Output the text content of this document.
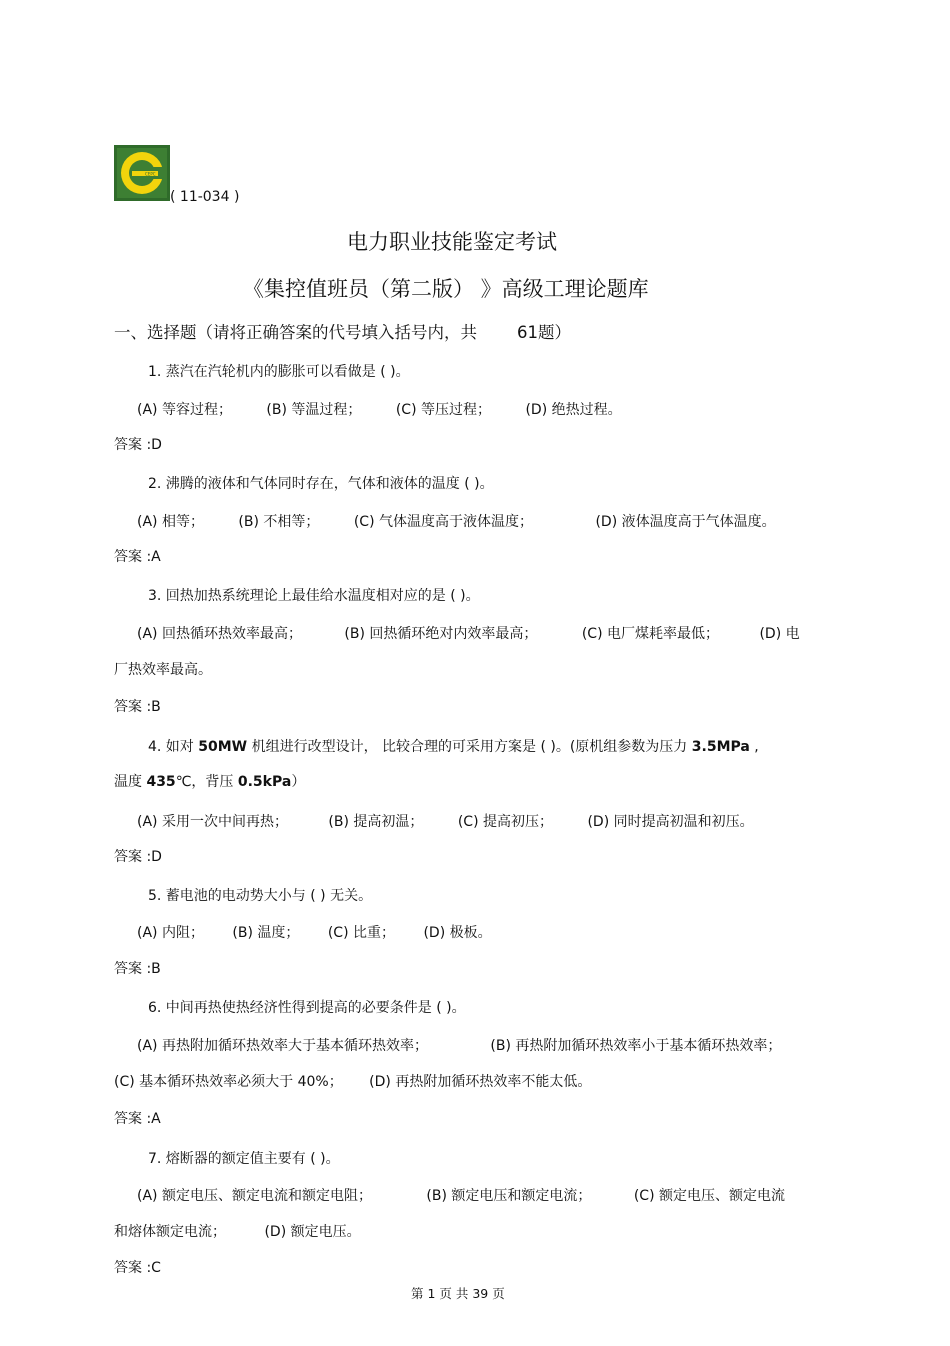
CEPC
( 11-034 )
电力职业技能鉴定考试
《集控值班员（第二版） 》高级工理论题库
一、选择题（请将正确答案的代号填入括号内，共 61题）
1. 蒸汽在汽轮机内的膨胀可以看做是 ( )。
(A) 等容过程； (B) 等温过程； (C) 等压过程； (D) 绝热过程。
答案 :D
2. 沸腾的液体和气体同时存在，气体和液体的温度 ( )。
(A) 相等； (B) 不相等； (C) 气体温度高于液体温度；	(D) 液体温度高于气体温度。
答案 :A
3. 回热加热系统理论上最佳给水温度相对应的是 ( )。
(A) 回热循环热效率最高；	(B) 回热循环绝对内效率最高；	(C) 电厂煤耗率最低；	(D) 电
厂热效率最高。
答案 :B
4. 如对 50MW 机组进行改型设计， 比较合理的可采用方案是 ( )。(原机组参数为压力 3.5MPa ,
温度 435℃，背压 0.5kPa）
(A) 采用一次中间再热；	(B) 提高初温； (C) 提高初压； (D) 同时提高初温和初压。
答案 :D
5. 蓄电池的电动势大小与 ( ) 无关。
(A) 内阻； (B) 温度； (C) 比重； (D) 极板。
答案 :B
6. 中间再热使热经济性得到提高的必要条件是 ( )。
(A) 再热附加循环热效率大于基本循环热效率；	(B) 再热附加循环热效率小于基本循环热效率；
(C) 基本循环热效率必须大于 40%； (D) 再热附加循环热效率不能太低。
答案 :A
7. 熔断器的额定值主要有 ( )。
(A) 额定电压、额定电流和额定电阻；	(B) 额定电压和额定电流；	(C) 额定电压、额定电流
和熔体额定电流；	(D) 额定电压。
答案 :C
第 1 页 共 39 页
